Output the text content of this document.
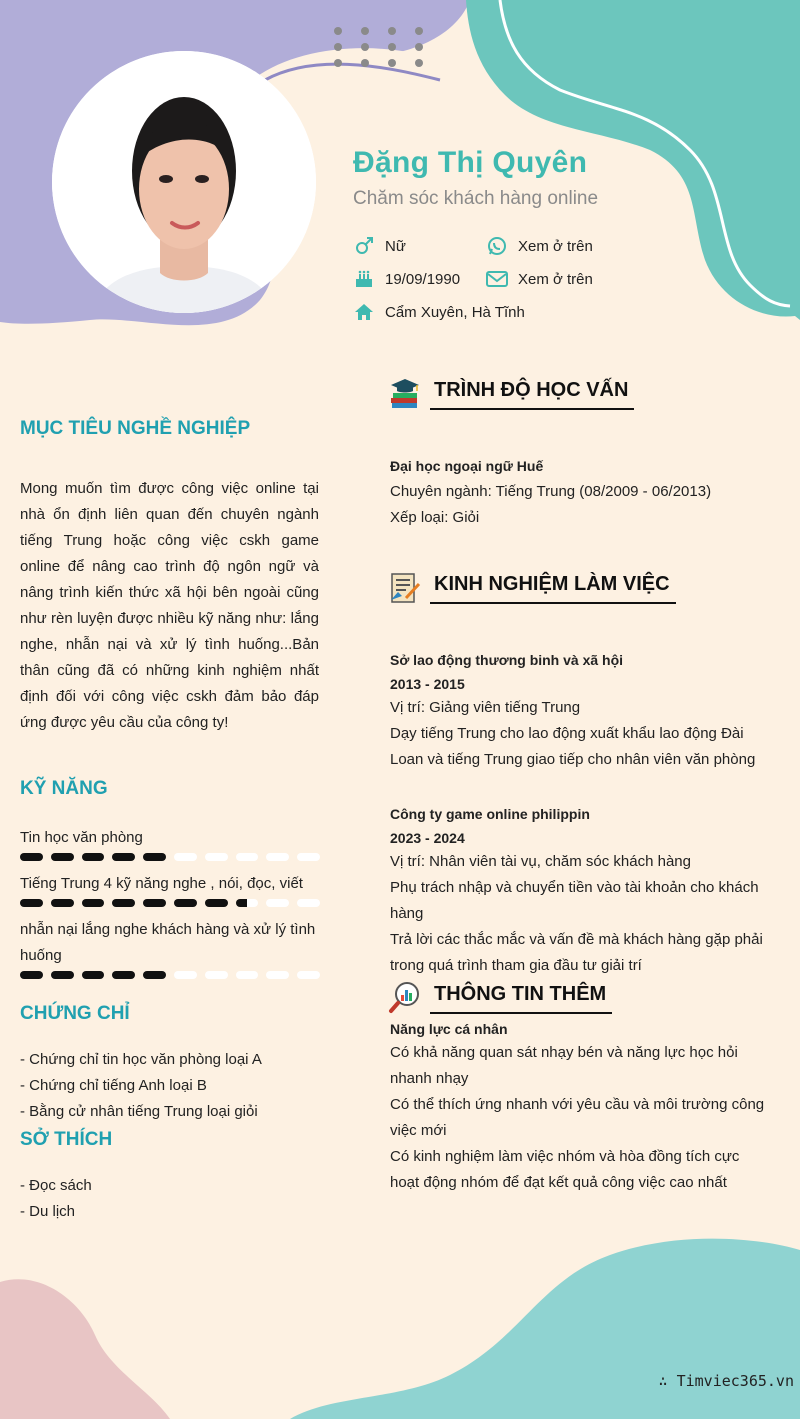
Đặng Thị Quyên
Chăm sóc khách hàng online
Nữ	Xem ở trên
19/09/1990	Xem ở trên
Cẩm Xuyên, Hà Tĩnh
MỤC TIÊU NGHỀ NGHIỆP
Mong muốn tìm được công việc online tại nhà ổn định liên quan đến chuyên ngành tiếng Trung hoặc công việc cskh game online để nâng cao trình độ ngôn ngữ và nâng trình kiến thức xã hội bên ngoài cũng như rèn luyện được nhiều kỹ năng như: lắng nghe, nhẫn nại và xử lý tình huống...Bản thân cũng đã có những kinh nghiệm nhất định đối với công việc cskh đảm bảo đáp ứng được yêu cầu của công ty!
KỸ NĂNG
Tin học văn phòng
Tiếng Trung 4 kỹ năng nghe , nói, đọc, viết
nhẫn nại lắng nghe khách hàng và xử lý tình huống
CHỨNG CHỈ
- Chứng chỉ tin học văn phòng loại A
- Chứng chỉ tiếng Anh loại B
- Bằng cử nhân tiếng Trung loại giỏi
SỞ THÍCH
- Đọc sách
- Du lịch
TRÌNH ĐỘ HỌC VẤN
Đại học ngoại ngữ Huế
Chuyên ngành: Tiếng Trung (08/2009 - 06/2013)
Xếp loại: Giỏi
KINH NGHIỆM LÀM VIỆC
Sở lao động thương binh và xã hội
2013 - 2015
Vị trí: Giảng viên tiếng Trung
Dạy tiếng Trung cho lao động xuất khẩu lao động Đài Loan và tiếng Trung giao tiếp cho nhân viên văn phòng
Công ty game online philippin
2023 - 2024
Vị trí: Nhân viên tài vụ, chăm sóc khách hàng
Phụ trách nhập và chuyển tiền vào tài khoản cho khách hàng
Trả lời các thắc mắc và vấn đề mà khách hàng gặp phải trong quá trình tham gia đầu tư giải trí
THÔNG TIN THÊM
Năng lực cá nhân
Có khả năng quan sát nhạy bén và năng lực học hỏi nhanh nhạy
Có thể thích ứng nhanh với yêu cầu và môi trường công việc mới
Có kinh nghiệm làm việc nhóm và hòa đồng tích cực hoạt động nhóm để đạt kết quả công việc cao nhất
∴ Timviec365.vn
